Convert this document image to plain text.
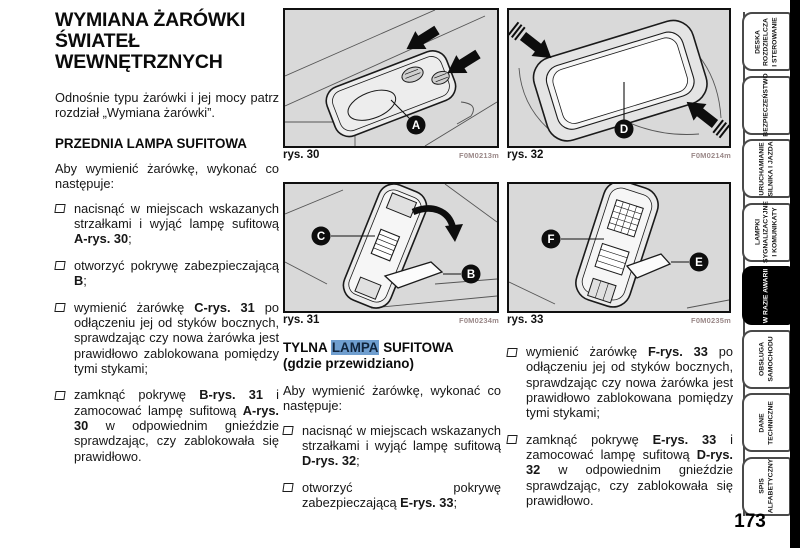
WYMIANA ŻARÓWKI ŚWIATEŁ WEWNĘTRZNYCH

Odnośnie typu żarówki i jej mocy patrz rozdział „Wymiana żarówki”.

PRZEDNIA LAMPA SUFITOWA

Aby wymienić żarówkę, wykonać co następuje:

nacisnąć w miejscach wskazanych strzałkami i wyjąć lampę sufitową A-rys. 30;
otworzyć pokrywę zabezpieczającą B;
wymienić żarówkę C-rys. 31 po odłączeniu jej od styków bocznych, sprawdzając czy nowa żarówka jest prawidłowo zablokowana pomiędzy tymi stykami;
zamknąć pokrywę B-rys. 31 i zamocować lampę sufitową A-rys. 30 w odpowiednim gnieździe sprawdzając, czy zablokowała się prawidłowo.
A
rys. 30	F0M0213m
D
rys. 32	F0M0214m
C
B
rys. 31	F0M0234m
F
E
rys. 33	F0M0235m
TYLNA LAMPA SUFITOWA
(gdzie przewidziano)

Aby wymienić żarówkę, wykonać co następuje:

nacisnąć w miejscach wskazanych strzałkami i wyjąć lampę sufitową D-rys. 32;
otworzyć pokrywę zabezpieczającą E-rys. 33;
wymienić żarówkę F-rys. 33 po odłączeniu jej od styków bocznych, sprawdzając czy nowa żarówka jest prawidłowo zablokowana pomiędzy tymi stykami;
zamknąć pokrywę E-rys. 33 i zamocować lampę sufitową D-rys. 32 w odpowiednim gnieździe sprawdzając, czy zablokowała się prawidłowo.
DESKA ROZDZIELCZA I STEROWANIE
BEZPIECZEŃSTWO
URUCHAMIANIE SILNIKA I JAZDA
LAMPKI SYGNALIZACYJNE I KOMUNIKATY
W RAZIE AWARII
OBSŁUGA SAMOCHODU
DANE TECHNICZNE
SPIS ALFABETYCZNY
173
